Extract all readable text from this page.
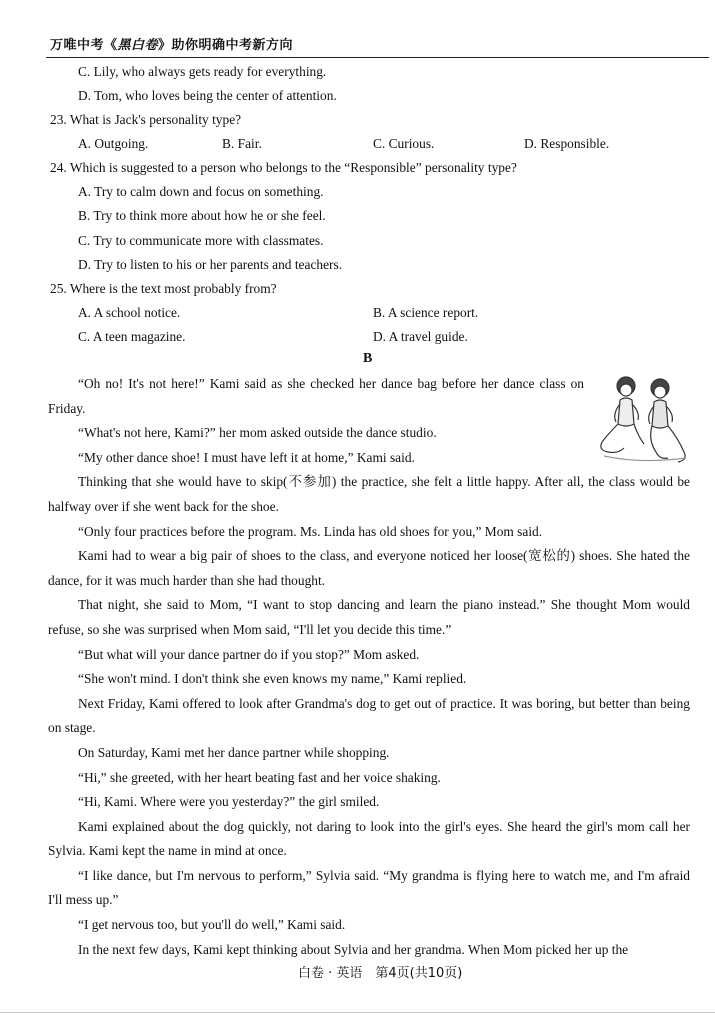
万唯中考《黑白卷》助你明确中考新方向
C. Lily, who always gets ready for everything.
D. Tom, who loves being the center of attention.
23. What is Jack's personality type?
A. Outgoing.	B. Fair.	C. Curious.	D. Responsible.
24. Which is suggested to a person who belongs to the “Responsible” personality type?
A. Try to calm down and focus on something.
B. Try to think more about how he or she feel.
C. Try to communicate more with classmates.
D. Try to listen to his or her parents and teachers.
25. Where is the text most probably from?
A. A school notice.	B. A science report.
C. A teen magazine.	D. A travel guide.
B

“Oh no! It's not here!” Kami said as she checked her dance bag before her dance class on Friday.

“What's not here, Kami?” her mom asked outside the dance studio.

“My other dance shoe! I must have left it at home,” Kami said.

Thinking that she would have to skip(不参加) the practice, she felt a little happy. After all, the class would be halfway over if she went back for the shoe.

“Only four practices before the program. Ms. Linda has old shoes for you,” Mom said.

Kami had to wear a big pair of shoes to the class, and everyone noticed her loose(宽松的) shoes. She hated the dance, for it was much harder than she had thought.

That night, she said to Mom, “I want to stop dancing and learn the piano instead.” She thought Mom would refuse, so she was surprised when Mom said, “I'll let you decide this time.”

“But what will your dance partner do if you stop?” Mom asked.

“She won't mind. I don't think she even knows my name,” Kami replied.

Next Friday, Kami offered to look after Grandma's dog to get out of practice. It was boring, but better than being on stage.

On Saturday, Kami met her dance partner while shopping.

“Hi,” she greeted, with her heart beating fast and her voice shaking.

“Hi, Kami. Where were you yesterday?” the girl smiled.

Kami explained about the dog quickly, not daring to look into the girl's eyes. She heard the girl's mom call her Sylvia. Kami kept the name in mind at once.

“I like dance, but I'm nervous to perform,” Sylvia said. “My grandma is flying here to watch me, and I'm afraid I'll mess up.”

“I get nervous too, but you'll do well,” Kami said.

In the next few days, Kami kept thinking about Sylvia and her grandma. When Mom picked her up the

白卷 · 英语　第4页(共10页)
